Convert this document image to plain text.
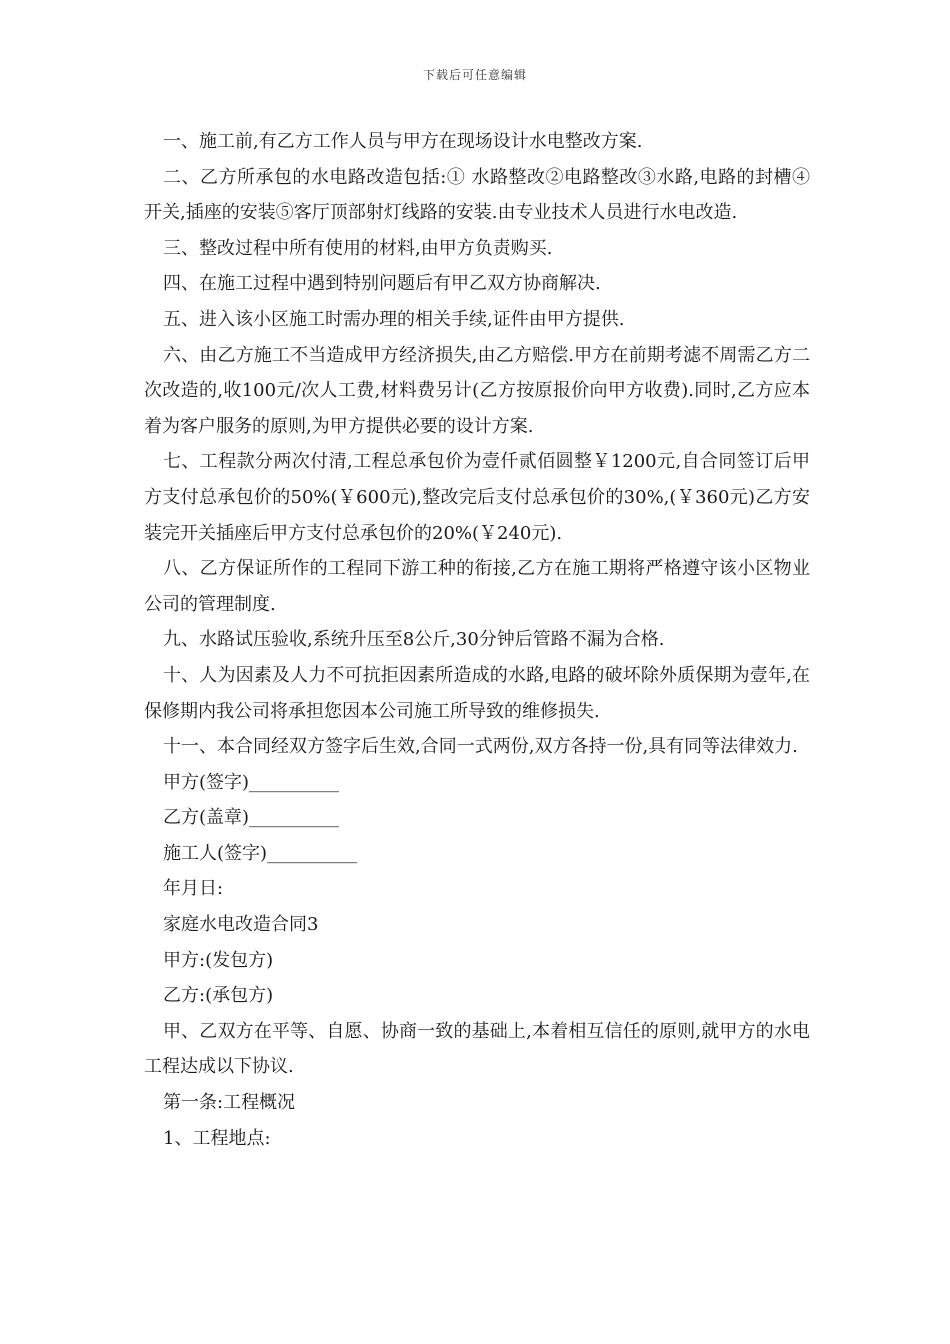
下载后可任意编辑

一、施工前,有乙方工作人员与甲方在现场设计水电整改方案.

二、乙方所承包的水电路改造包括:① 水路整改②电路整改③水路,电路的封槽④开关,插座的安装⑤客厅顶部射灯线路的安装.由专业技术人员进行水电改造.

三、整改过程中所有使用的材料,由甲方负责购买.

四、在施工过程中遇到特别问题后有甲乙双方协商解决.

五、进入该小区施工时需办理的相关手续,证件由甲方提供.

六、由乙方施工不当造成甲方经济损失,由乙方赔偿.甲方在前期考滤不周需乙方二次改造的,收100元/次人工费,材料费另计(乙方按原报价向甲方收费).同时,乙方应本着为客户服务的原则,为甲方提供必要的设计方案.

七、工程款分两次付清,工程总承包价为壹仟贰佰圆整￥1200元,自合同签订后甲方支付总承包价的50%(￥600元),整改完后支付总承包价的30%,(￥360元)乙方安装完开关插座后甲方支付总承包价的20%(￥240元).

八、乙方保证所作的工程同下游工种的衔接,乙方在施工期将严格遵守该小区物业公司的管理制度.

九、水路试压验收,系统升压至8公斤,30分钟后管路不漏为合格.

十、人为因素及人力不可抗拒因素所造成的水路,电路的破坏除外质保期为壹年,在保修期内我公司将承担您因本公司施工所导致的维修损失.

十一、本合同经双方签字后生效,合同一式两份,双方各持一份,具有同等法律效力.

甲方(签字)__________

乙方(盖章)__________

施工人(签字)__________

年月日:

家庭水电改造合同3

甲方:(发包方)

乙方:(承包方)

甲、乙双方在平等、自愿、协商一致的基础上,本着相互信任的原则,就甲方的水电工程达成以下协议.

第一条:工程概况

1、工程地点:
